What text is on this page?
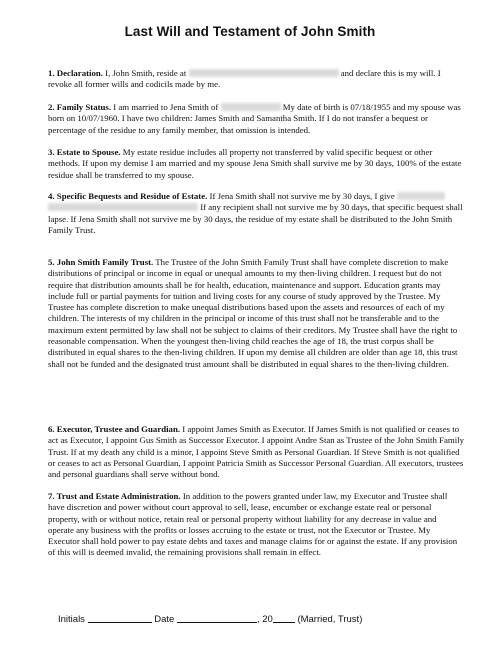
Last Will and Testament of John Smith
1. Declaration. I, John Smith, reside at	and declare this is my will. I revoke all former wills and codicils made by me.
2. Family Status. I am married to Jena Smith of	My date of birth is 07/18/1955 and my spouse was born on 10/07/1960. I have two children: James Smith and Samantha Smith. If I do not transfer a bequest or percentage of the residue to any family member, that omission is intended.
3. Estate to Spouse. My estate residue includes all property not transferred by valid specific bequest or other methods. If upon my demise I am married and my spouse Jena Smith shall survive me by 30 days, 100% of the estate residue shall be transferred to my spouse.
4. Specific Bequests and Residue of Estate. If Jena Smith shall not survive me by 30 days, I give   If any recipient shall not survive me by 30 days, that specific bequest shall lapse. If Jena Smith shall not survive me by 30 days, the residue of my estate shall be distributed to the John Smith Family Trust.
5. John Smith Family Trust. The Trustee of the John Smith Family Trust shall have complete discretion to make distributions of principal or income in equal or unequal amounts to my then-living children. I request but do not require that distribution amounts shall be for health, education, maintenance and support. Education grants may include full or partial payments for tuition and living costs for any course of study approved by the Trustee. My Trustee has complete discretion to make unequal distributions based upon the assets and resources of each of my children. The interests of my children in the principal or income of this trust shall not be transferable and to the maximum extent permitted by law shall not be subject to claims of their creditors. My Trustee shall have the right to reasonable compensation. When the youngest then-living child reaches the age of 18, the trust corpus shall be distributed in equal shares to the then-living children. If upon my demise all children are older than age 18, this trust shall not be funded and the designated trust amount shall be distributed in equal shares to the then-living children.
6. Executor, Trustee and Guardian. I appoint James Smith as Executor. If James Smith is not qualified or ceases to act as Executor, I appoint Gus Smith as Successor Executor. I appoint Andre Stan as Trustee of the John Smith Family Trust. If at my death any child is a minor, I appoint Steve Smith as Personal Guardian. If Steve Smith is not qualified or ceases to act as Personal Guardian, I appoint Patricia Smith as Successor Personal Guardian. All executors, trustees and personal guardians shall serve without bond.
7. Trust and Estate Administration. In addition to the powers granted under law, my Executor and Trustee shall have discretion and power without court approval to sell, lease, encumber or exchange estate real or personal property, with or without notice, retain real or personal property without liability for any decrease in value and operate any business with the profits or losses accruing to the estate or trust, not the Executor or Trustee. My Executor shall hold power to pay estate debts and taxes and manage claims for or against the estate. If any provision of this will is deemed invalid, the remaining provisions shall remain in effect.
Initials	Date	, 20	(Married, Trust)
